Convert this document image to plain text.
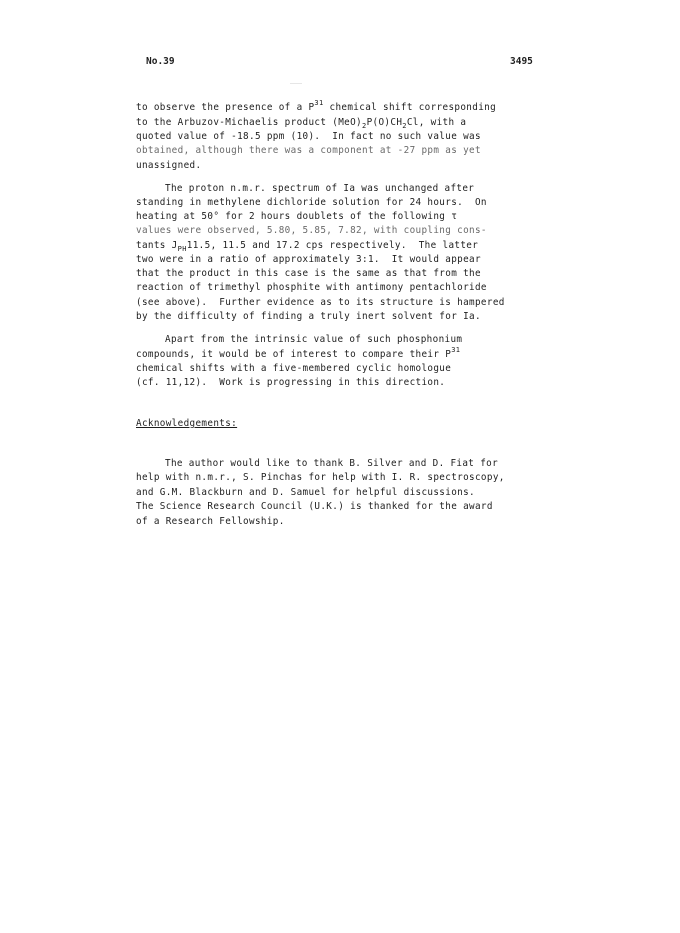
No.39	3495
to observe the presence of a $P^{31}$ chemical shift corresponding
to the Arbuzov-Michaelis product $(MeO)_2P(O)CH_2Cl$, with a
quoted value of -18.5 ppm (10).  In fact no such value was
obtained, although there was a component at -27 ppm as yet
unassigned.
The proton n.m.r. spectrum of Ia was unchanged after
standing in methylene dichloride solution for 24 hours.  On
heating at 50° for 2 hours doublets of the following τ
values were observed, 5.80, 5.85, 7.82, with coupling cons-
tants $J_{PH}11.5$, 11.5 and 17.2 cps respectively.  The latter
two were in a ratio of approximately 3:1.  It would appear
that the product in this case is the same as that from the
reaction of trimethyl phosphite with antimony pentachloride
(see above).  Further evidence as to its structure is hampered
by the difficulty of finding a truly inert solvent for Ia.
Apart from the intrinsic value of such phosphonium
compounds, it would be of interest to compare their $P^{31}$
chemical shifts with a five-membered cyclic homologue
(cf. 11,12).  Work is progressing in this direction.
Acknowledgements:
The author would like to thank B. Silver and D. Fiat for
help with n.m.r., S. Pinchas for help with I. R. spectroscopy,
and G.M. Blackburn and D. Samuel for helpful discussions.
The Science Research Council (U.K.) is thanked for the award
of a Research Fellowship.
